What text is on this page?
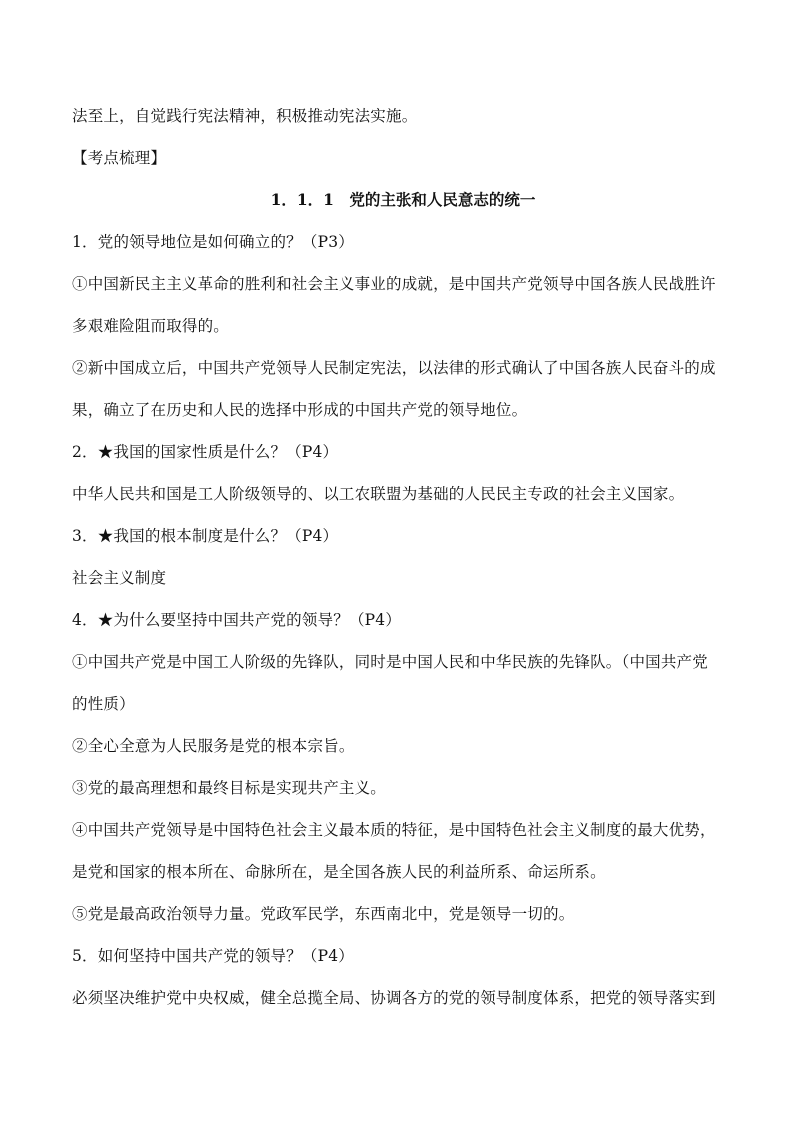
法至上，自觉践行宪法精神，积极推动宪法实施。
【考点梳理】
1．1．1　党的主张和人民意志的统一
1．党的领导地位是如何确立的？（P3）
①中国新民主主义革命的胜利和社会主义事业的成就，是中国共产党领导中国各族人民战胜许
多艰难险阻而取得的。
②新中国成立后，中国共产党领导人民制定宪法，以法律的形式确认了中国各族人民奋斗的成
果，确立了在历史和人民的选择中形成的中国共产党的领导地位。
2．★我国的国家性质是什么？（P4）
中华人民共和国是工人阶级领导的、以工农联盟为基础的人民民主专政的社会主义国家。
3．★我国的根本制度是什么？（P4）
社会主义制度
4．★为什么要坚持中国共产党的领导？（P4）
①中国共产党是中国工人阶级的先锋队，同时是中国人民和中华民族的先锋队。（中国共产党
的性质）
②全心全意为人民服务是党的根本宗旨。
③党的最高理想和最终目标是实现共产主义。
④中国共产党领导是中国特色社会主义最本质的特征，是中国特色社会主义制度的最大优势，
是党和国家的根本所在、命脉所在，是全国各族人民的利益所系、命运所系。
⑤党是最高政治领导力量。党政军民学，东西南北中，党是领导一切的。
5．如何坚持中国共产党的领导？（P4）
必须坚决维护党中央权威，健全总揽全局、协调各方的党的领导制度体系，把党的领导落实到
